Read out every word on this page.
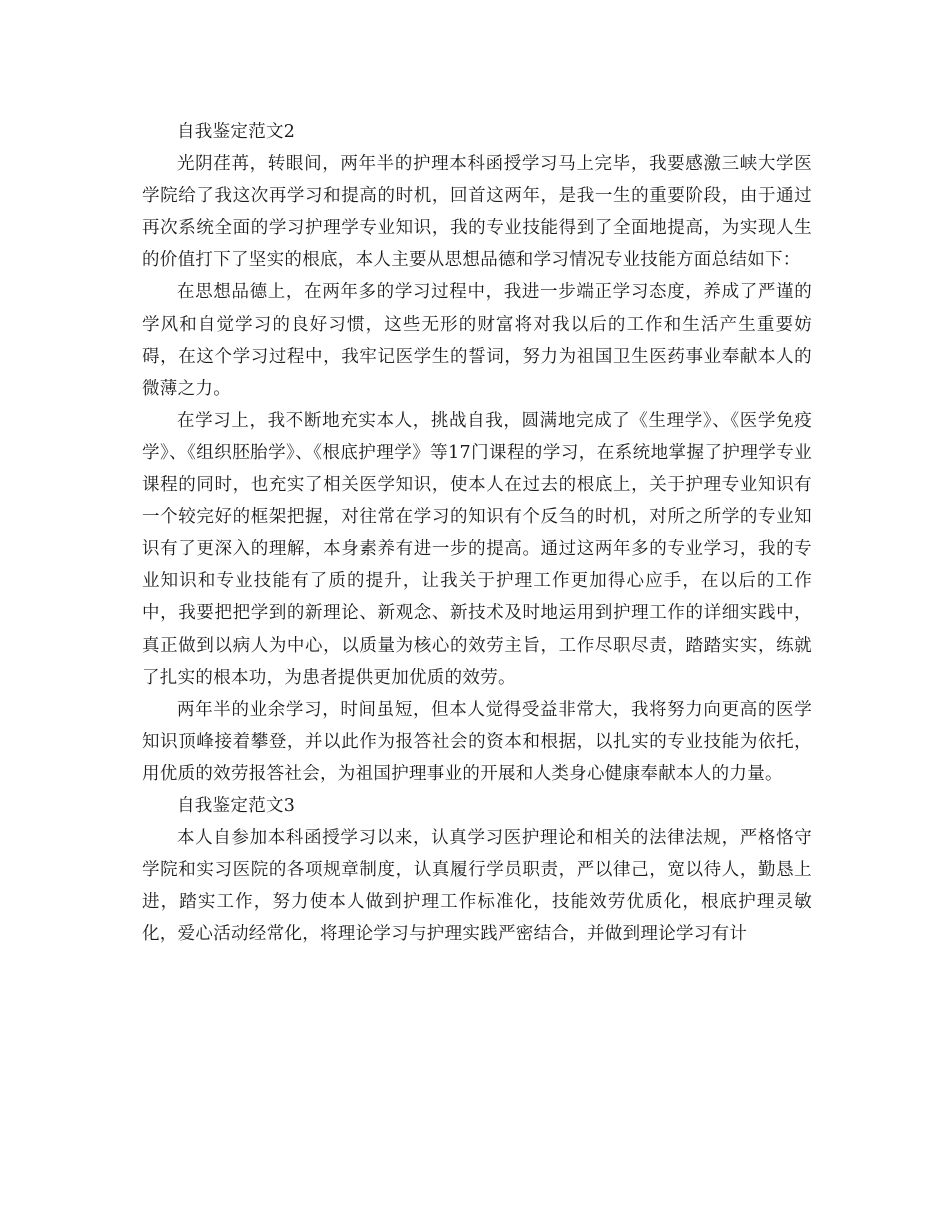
自我鉴定范文2

光阴荏苒，转眼间，两年半的护理本科函授学习马上完毕，我要感激三峡大学医学院给了我这次再学习和提高的时机，回首这两年，是我一生的重要阶段，由于通过再次系统全面的学习护理学专业知识，我的专业技能得到了全面地提高，为实现人生的价值打下了坚实的根底，本人主要从思想品德和学习情况专业技能方面总结如下：

在思想品德上，在两年多的学习过程中，我进一步端正学习态度，养成了严谨的学风和自觉学习的良好习惯，这些无形的财富将对我以后的工作和生活产生重要妨碍，在这个学习过程中，我牢记医学生的誓词，努力为祖国卫生医药事业奉献本人的微薄之力。

在学习上，我不断地充实本人，挑战自我，圆满地完成了《生理学》、《医学免疫学》、《组织胚胎学》、《根底护理学》等17门课程的学习，在系统地掌握了护理学专业课程的同时，也充实了相关医学知识，使本人在过去的根底上，关于护理专业知识有一个较完好的框架把握，对往常在学习的知识有个反刍的时机，对所之所学的专业知识有了更深入的理解，本身素养有进一步的提高。通过这两年多的专业学习，我的专业知识和专业技能有了质的提升，让我关于护理工作更加得心应手，在以后的工作中，我要把把学到的新理论、新观念、新技术及时地运用到护理工作的详细实践中，真正做到以病人为中心，以质量为核心的效劳主旨，工作尽职尽责，踏踏实实，练就了扎实的根本功，为患者提供更加优质的效劳。

两年半的业余学习，时间虽短，但本人觉得受益非常大，我将努力向更高的医学知识顶峰接着攀登，并以此作为报答社会的资本和根据，以扎实的专业技能为依托，用优质的效劳报答社会，为祖国护理事业的开展和人类身心健康奉献本人的力量。

自我鉴定范文3

本人自参加本科函授学习以来，认真学习医护理论和相关的法律法规，严格恪守学院和实习医院的各项规章制度，认真履行学员职责，严以律己，宽以待人，勤恳上进，踏实工作，努力使本人做到护理工作标准化，技能效劳优质化，根底护理灵敏化，爱心活动经常化，将理论学习与护理实践严密结合，并做到理论学习有计
